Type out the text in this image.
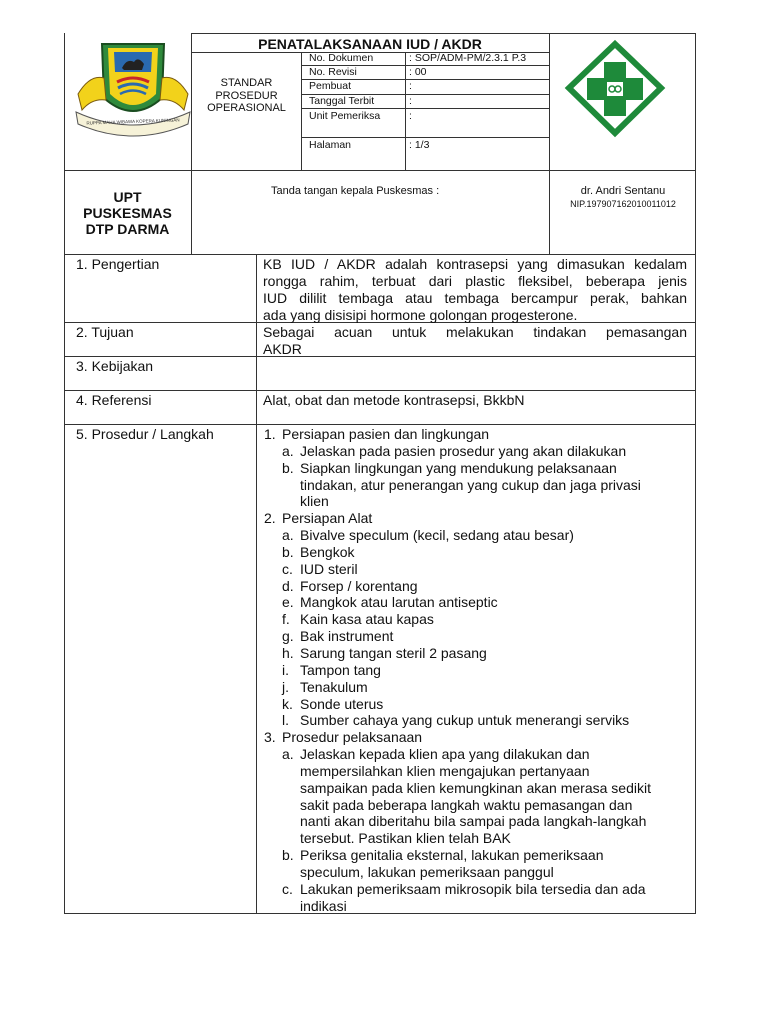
RUPPA MAHA WIBAWA KOPERA KUNINGAN
PENATALAKSANAAN IUD / AKDR
STANDAR
PROSEDUR
OPERASIONAL
No. Dokumen	: SOP/ADM-PM/2.3.1 P.3
No. Revisi	: 00
Pembuat	:
Tanggal Terbit	:
Unit Pemeriksa	:
Halaman	: 1/3
UPT
PUSKESMAS
DTP DARMA
Tanda tangan kepala Puskesmas :	dr. Andri Sentanu
NIP.197907162010011012
1. Pengertian	KB IUD / AKDR adalah kontrasepsi yang dimasukan kedalam
rongga rahim, terbuat dari plastic fleksibel, beberapa jenis
IUD dililit tembaga atau tembaga bercampur perak, bahkan
ada yang disisipi hormone golongan progesterone.
2. Tujuan	Sebagai acuan untuk melakukan tindakan pemasangan
AKDR
3. Kebijakan
4. Referensi	Alat, obat dan metode kontrasepsi, BkkbN
5. Prosedur / Langkah	1. Persiapan pasien dan lingkungan
a. Jelaskan pada pasien prosedur yang akan dilakukan
b. Siapkan lingkungan yang mendukung pelaksanaan
tindakan, atur penerangan yang cukup dan jaga privasi
klien
2. Persiapan Alat
a. Bivalve speculum (kecil, sedang atau besar)
b. Bengkok
c. IUD steril
d. Forsep / korentang
e. Mangkok atau larutan antiseptic
f. Kain kasa atau kapas
g. Bak instrument
h. Sarung tangan steril 2 pasang
i. Tampon tang
j. Tenakulum
k. Sonde uterus
l. Sumber cahaya yang cukup untuk menerangi serviks
3. Prosedur pelaksanaan
a. Jelaskan kepada klien apa yang dilakukan dan
mempersilahkan klien mengajukan pertanyaan
sampaikan pada klien kemungkinan akan merasa sedikit
sakit pada beberapa langkah waktu pemasangan dan
nanti akan diberitahu bila sampai pada langkah-langkah
tersebut. Pastikan klien telah BAK
b. Periksa genitalia eksternal, lakukan pemeriksaan
speculum, lakukan pemeriksaan panggul
c. Lakukan pemeriksaam mikrosopik bila tersedia dan ada
indikasi
